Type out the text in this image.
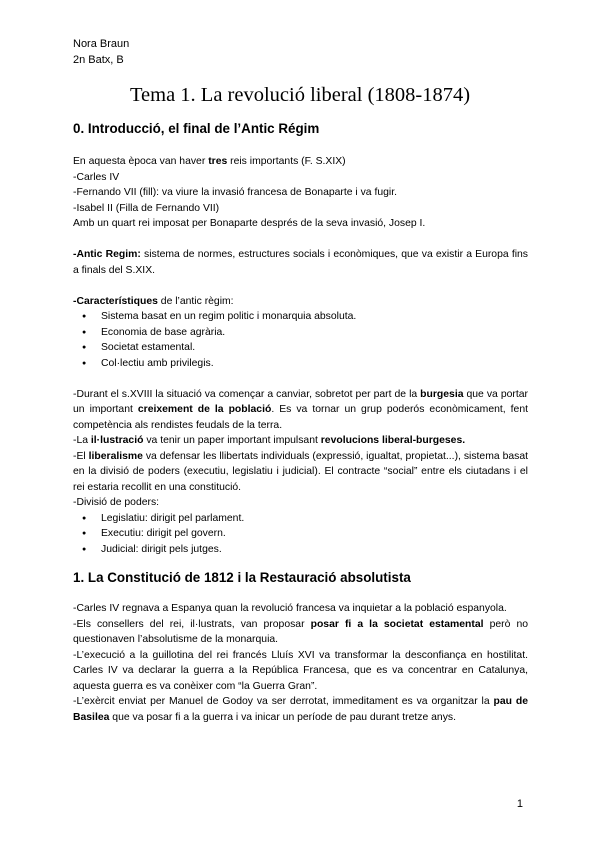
Nora Braun
2n Batx, B
Tema 1. La revolució liberal (1808-1874)
0. Introducció, el final de l’Antic Régim

En aquesta època van haver tres reis importants (F. S.XIX)

-Carles IV

-Fernando VII (fill): va viure la invasió francesa de Bonaparte i va fugir.

-Isabel II (Filla de Fernando VII)

Amb un quart rei imposat per Bonaparte després de la seva invasió, Josep I.

-Antic Regim: sistema de normes, estructures socials i econòmiques, que va existir a Europa fins a finals del S.XIX.

-Característiques de l’antic règim:

● Sistema basat en un regim politic i monarquia absoluta.
● Economia de base agrària.
● Societat estamental.
● Col·lectiu amb privilegis.

-Durant el s.XVIII la situació va començar a canviar, sobretot per part de la burgesia que va portar un important creixement de la població. Es va tornar un grup poderós econòmicament, fent competència als rendistes feudals de la terra.

-La il·lustració va tenir un paper important impulsant revolucions liberal-burgeses.

-El liberalisme va defensar les llibertats individuals (expressió, igualtat, propietat...), sistema basat en la divisió de poders (executiu, legislatiu i judicial). El contracte “social” entre els ciutadans i el rei estaria recollit en una constitució.

-Divisió de poders:

● Legislatiu: dirigit pel parlament.
● Executiu: dirigit pel govern.
● Judicial: dirigit pels jutges.
1. La Constitució de 1812 i la Restauració absolutista

-Carles IV regnava a Espanya quan la revolució francesa va inquietar a la població espanyola.

-Els consellers del rei, il·lustrats, van proposar posar fi a la societat estamental però no questionaven l’absolutisme de la monarquia.

-L’execució a la guillotina del rei francés Lluís XVI va transformar la desconfiança en hostilitat. Carles IV va declarar la guerra a la República Francesa, que es va concentrar en Catalunya, aquesta guerra es va conèixer com “la Guerra Gran”.

-L’exèrcit enviat per Manuel de Godoy va ser derrotat, immeditament es va organitzar la pau de Basilea que va posar fi a la guerra i va inicar un període de pau durant tretze anys.

1
